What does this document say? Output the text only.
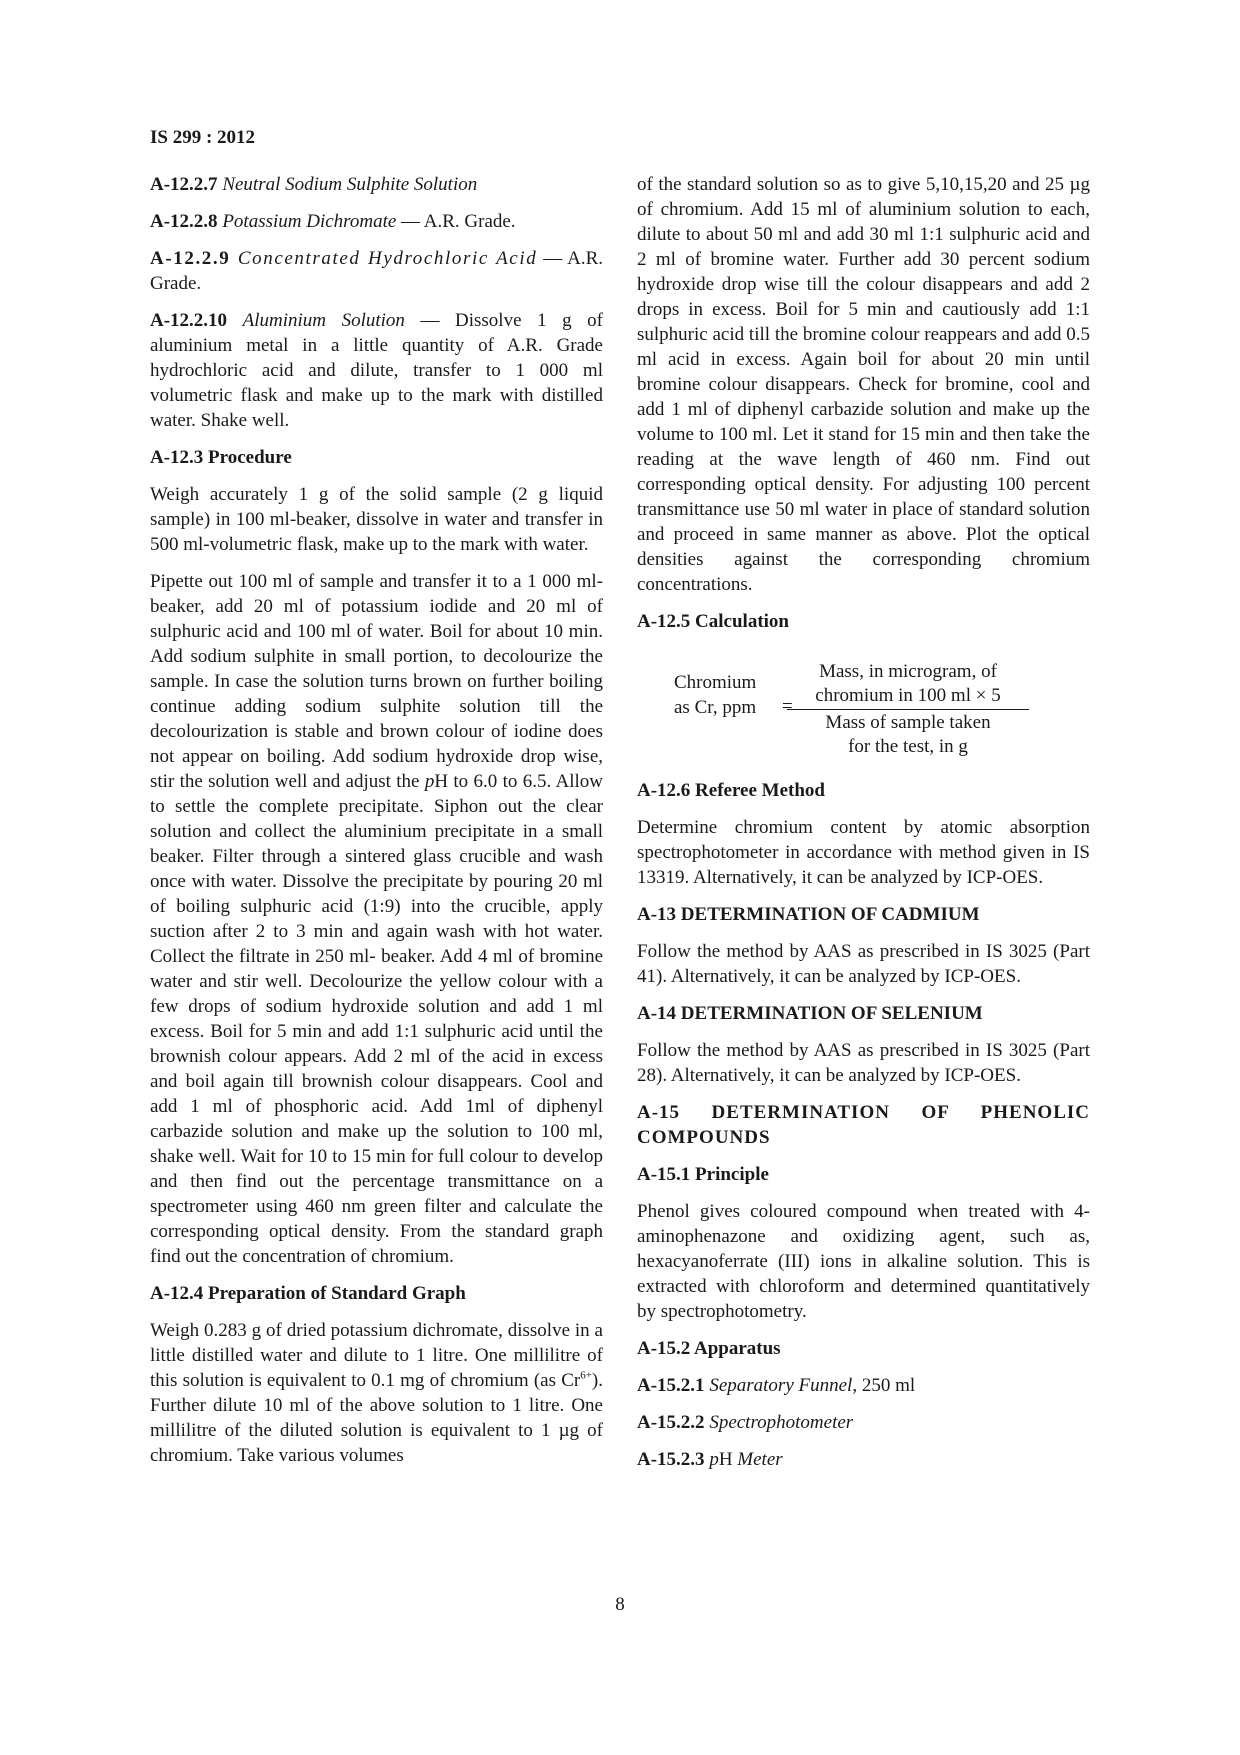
IS 299 : 2012

A-12.2.7 Neutral Sodium Sulphite Solution

A-12.2.8 Potassium Dichromate — A.R. Grade.

A-12.2.9 Concentrated Hydrochloric Acid — A.R. Grade.

A-12.2.10 Aluminium Solution — Dissolve 1 g of aluminium metal in a little quantity of A.R. Grade hydrochloric acid and dilute, transfer to 1 000 ml volumetric flask and make up to the mark with distilled water. Shake well.

A-12.3 Procedure

Weigh accurately 1 g of the solid sample (2 g liquid sample) in 100 ml-beaker, dissolve in water and transfer in 500 ml-volumetric flask, make up to the mark with water.

Pipette out 100 ml of sample and transfer it to a 1 000 ml-beaker, add 20 ml of potassium iodide and 20 ml of sulphuric acid and 100 ml of water. Boil for about 10 min. Add sodium sulphite in small portion, to decolourize the sample. In case the solution turns brown on further boiling continue adding sodium sulphite solution till the decolourization is stable and brown colour of iodine does not appear on boiling. Add sodium hydroxide drop wise, stir the solution well and adjust the pH to 6.0 to 6.5. Allow to settle the complete precipitate. Siphon out the clear solution and collect the aluminium precipitate in a small beaker. Filter through a sintered glass crucible and wash once with water. Dissolve the precipitate by pouring 20 ml of boiling sulphuric acid (1:9) into the crucible, apply suction after 2 to 3 min and again wash with hot water. Collect the filtrate in 250 ml- beaker. Add 4 ml of bromine water and stir well. Decolourize the yellow colour with a few drops of sodium hydroxide solution and add 1 ml excess. Boil for 5 min and add 1:1 sulphuric acid until the brownish colour appears. Add 2 ml of the acid in excess and boil again till brownish colour disappears. Cool and add 1 ml of phosphoric acid. Add 1ml of diphenyl carbazide solution and make up the solution to 100 ml, shake well. Wait for 10 to 15 min for full colour to develop and then find out the percentage transmittance on a spectrometer using 460 nm green filter and calculate the corresponding optical density. From the standard graph find out the concentration of chromium.

A-12.4 Preparation of Standard Graph

Weigh 0.283 g of dried potassium dichromate, dissolve in a little distilled water and dilute to 1 litre. One millilitre of this solution is equivalent to 0.1 mg of chromium (as $Cr^{6+}$). Further dilute 10 ml of the above solution to 1 litre. One millilitre of the diluted solution is equivalent to 1 µg of chromium. Take various volumes

of the standard solution so as to give 5,10,15,20 and 25 µg of chromium. Add 15 ml of aluminium solution to each, dilute to about 50 ml and add 30 ml 1:1 sulphuric acid and 2 ml of bromine water. Further add 30 percent sodium hydroxide drop wise till the colour disappears and add 2 drops in excess. Boil for 5 min and cautiously add 1:1 sulphuric acid till the bromine colour reappears and add 0.5 ml acid in excess. Again boil for about 20 min until bromine colour disappears. Check for bromine, cool and add 1 ml of diphenyl carbazide solution and make up the volume to 100 ml. Let it stand for 15 min and then take the reading at the wave length of 460 nm. Find out corresponding optical density. For adjusting 100 percent transmittance use 50 ml water in place of standard solution and proceed in same manner as above. Plot the optical densities against the corresponding chromium concentrations.

A-12.5 Calculation

Chromium
as Cr, ppm =
Mass, in microgram, of
chromium in 100 ml × 5
Mass of sample taken
for the test, in g

A-12.6 Referee Method

Determine chromium content by atomic absorption spectrophotometer in accordance with method given in IS 13319. Alternatively, it can be analyzed by ICP-OES.

A-13 DETERMINATION OF CADMIUM

Follow the method by AAS as prescribed in IS 3025 (Part 41). Alternatively, it can be analyzed by ICP-OES.

A-14 DETERMINATION OF SELENIUM

Follow the method by AAS as prescribed in IS 3025 (Part 28). Alternatively, it can be analyzed by ICP-OES.

A-15 DETERMINATION OF PHENOLIC COMPOUNDS

A-15.1 Principle

Phenol gives coloured compound when treated with 4-aminophenazone and oxidizing agent, such as, hexacyanoferrate (III) ions in alkaline solution. This is extracted with chloroform and determined quantitatively by spectrophotometry.

A-15.2 Apparatus

A-15.2.1 Separatory Funnel, 250 ml

A-15.2.2 Spectrophotometer

A-15.2.3 pH Meter

8
